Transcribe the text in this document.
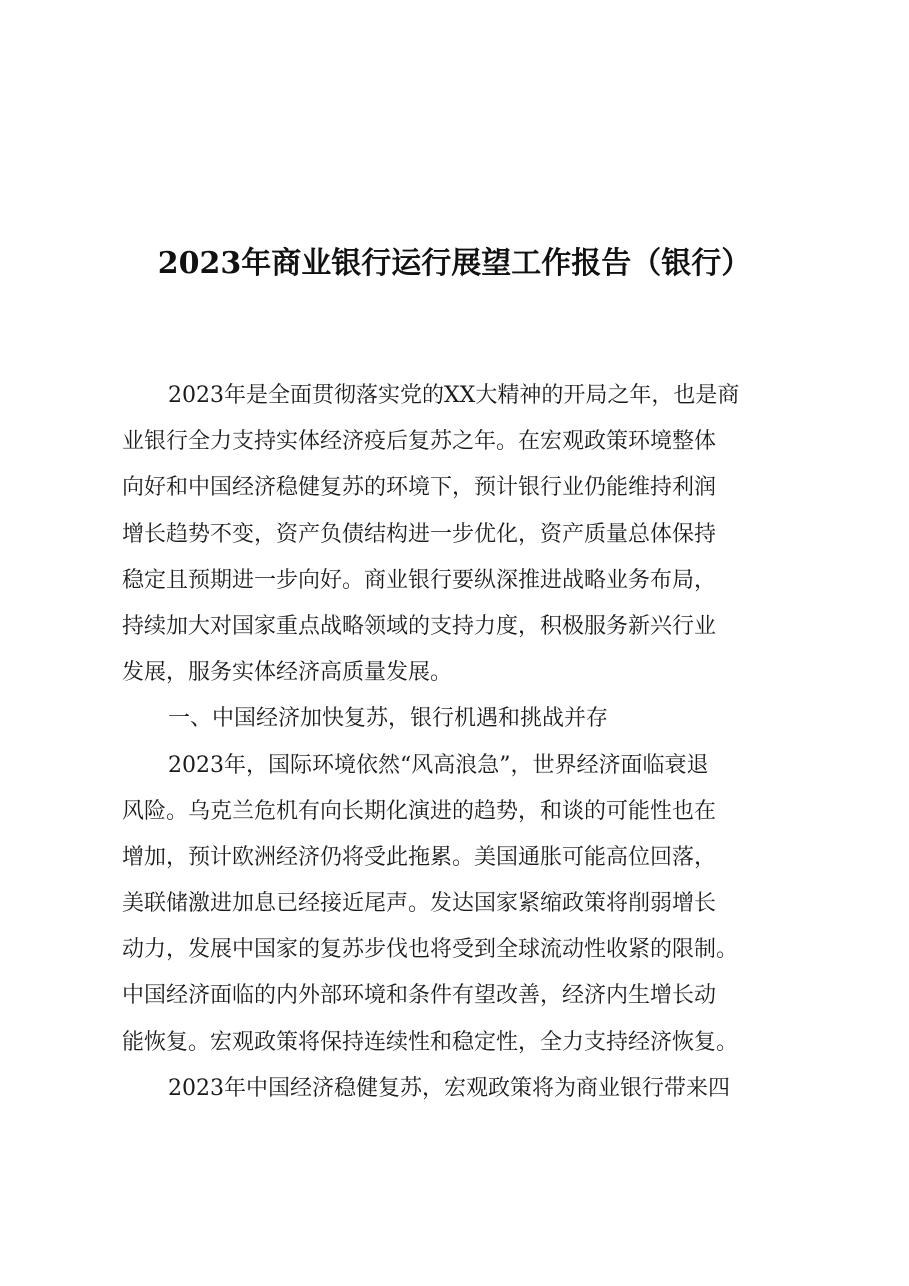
2023年商业银行运行展望工作报告（银行）
2023年是全面贯彻落实党的XX大精神的开局之年，也是商
业银行全力支持实体经济疫后复苏之年。在宏观政策环境整体
向好和中国经济稳健复苏的环境下，预计银行业仍能维持利润
增长趋势不变，资产负债结构进一步优化，资产质量总体保持
稳定且预期进一步向好。商业银行要纵深推进战略业务布局，
持续加大对国家重点战略领域的支持力度，积极服务新兴行业
发展，服务实体经济高质量发展。
一、中国经济加快复苏，银行机遇和挑战并存
2023年，国际环境依然“风高浪急”，世界经济面临衰退
风险。乌克兰危机有向长期化演进的趋势，和谈的可能性也在
增加，预计欧洲经济仍将受此拖累。美国通胀可能高位回落，
美联储激进加息已经接近尾声。发达国家紧缩政策将削弱增长
动力，发展中国家的复苏步伐也将受到全球流动性收紧的限制。
中国经济面临的内外部环境和条件有望改善，经济内生增长动
能恢复。宏观政策将保持连续性和稳定性，全力支持经济恢复。
2023年中国经济稳健复苏，宏观政策将为商业银行带来四
